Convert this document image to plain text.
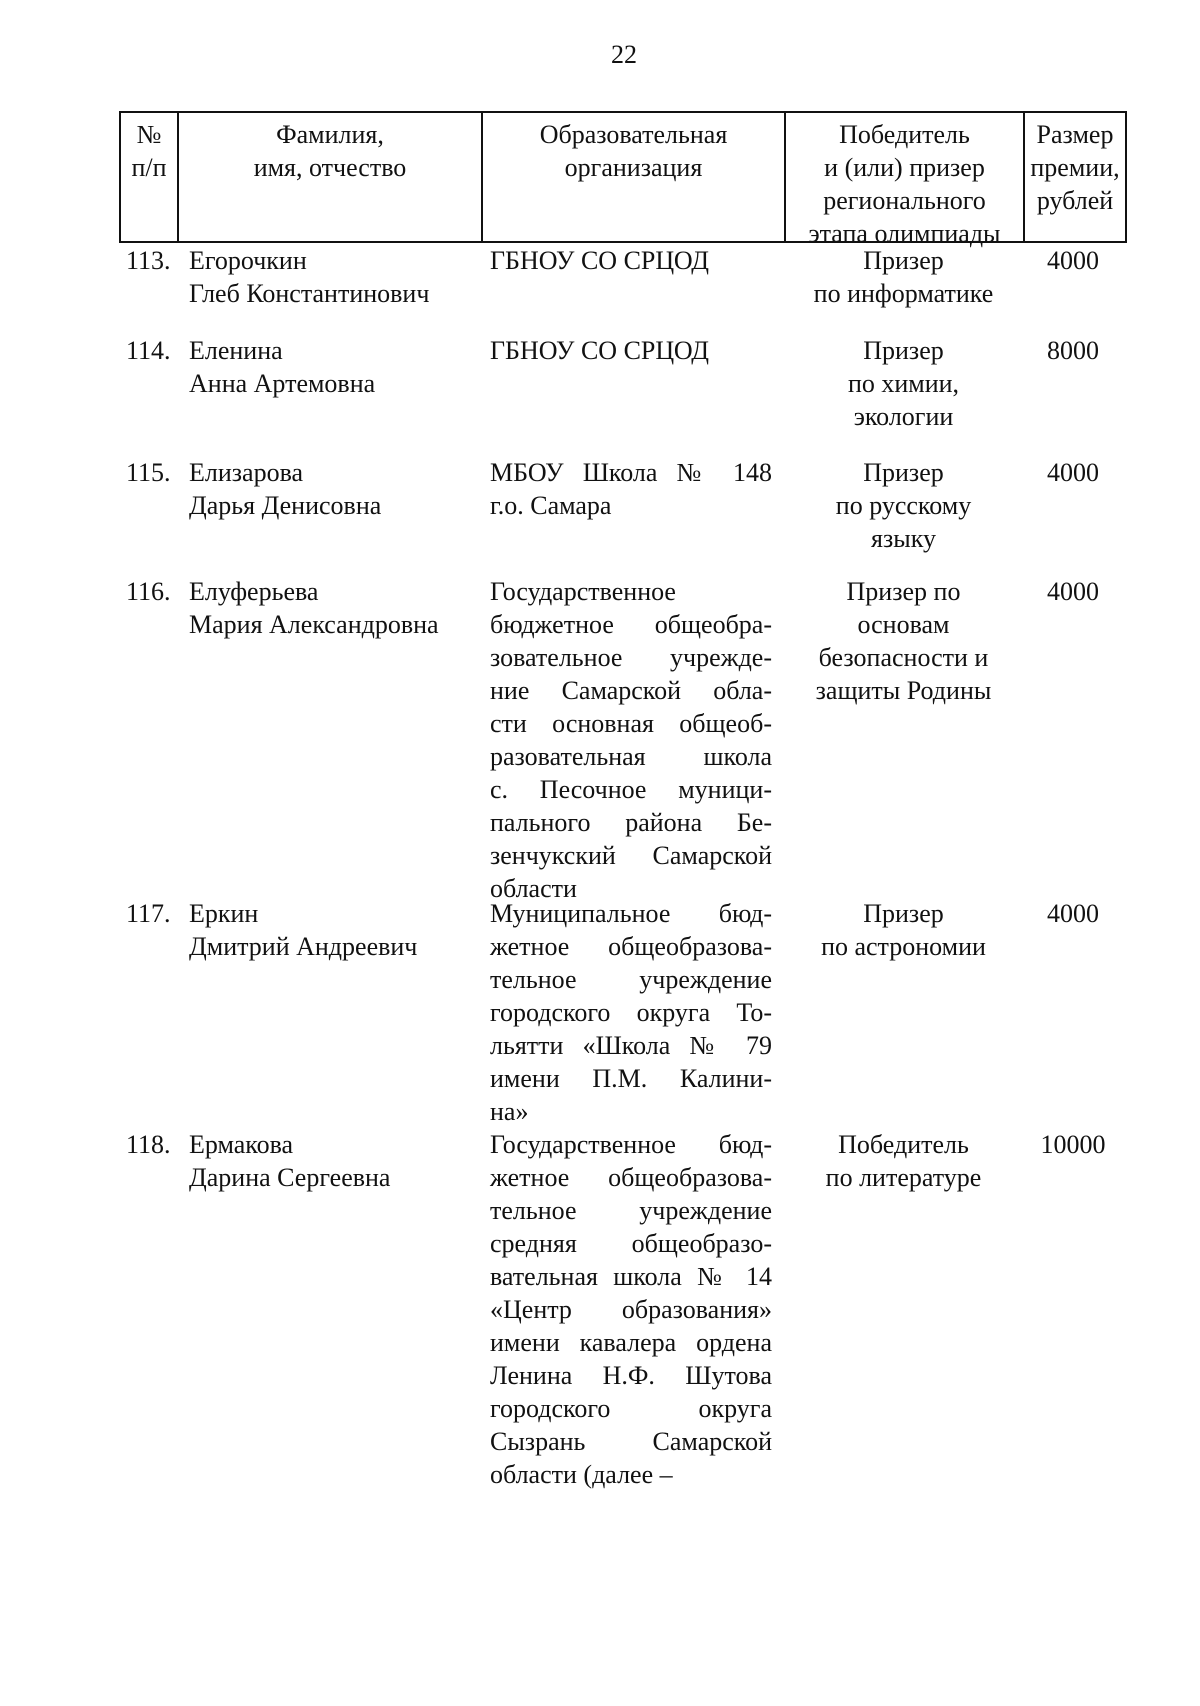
22
№
п/п
Фамилия,
имя, отчество
Образовательная
организация
Победитель
и (или) призер
регионального
этапа олимпиады
Размер
премии,
рублей
113. Егорочкин
Глеб Константинович
ГБНОУ СО СРЦОД	Призер
по информатике
4000
114. Еленина
Анна Артемовна
ГБНОУ СО СРЦОД	Призер
по химии,
экологии
8000
115. Елизарова
Дарья Денисовна
МБОУ Школа № 148
г.о. Самара
Призер
по русскому
языку
4000
116. Елуферьева
Мария Александровна
Государственное
бюджетное общеобра-
зовательное учрежде-
ние Самарской обла-
сти основная общеоб-
разовательная школа
с. Песочное муници-
пального района Бе-
зенчукский Самарской
области
Призер по
основам
безопасности и
защиты Родины
4000
117. Еркин
Дмитрий Андреевич
Муниципальное бюд-
жетное общеобразова-
тельное учреждение
городского округа То-
льятти «Школа № 79
имени П.М. Калини-
на»
Призер
по астрономии
4000
118. Ермакова
Дарина Сергеевна
Государственное бюд-
жетное общеобразова-
тельное учреждение
средняя общеобразо-
вательная школа № 14
«Центр образования»
имени кавалера ордена
Ленина Н.Ф. Шутова
городского округа
Сызрань Самарской
области (далее –
Победитель
по литературе
10000
